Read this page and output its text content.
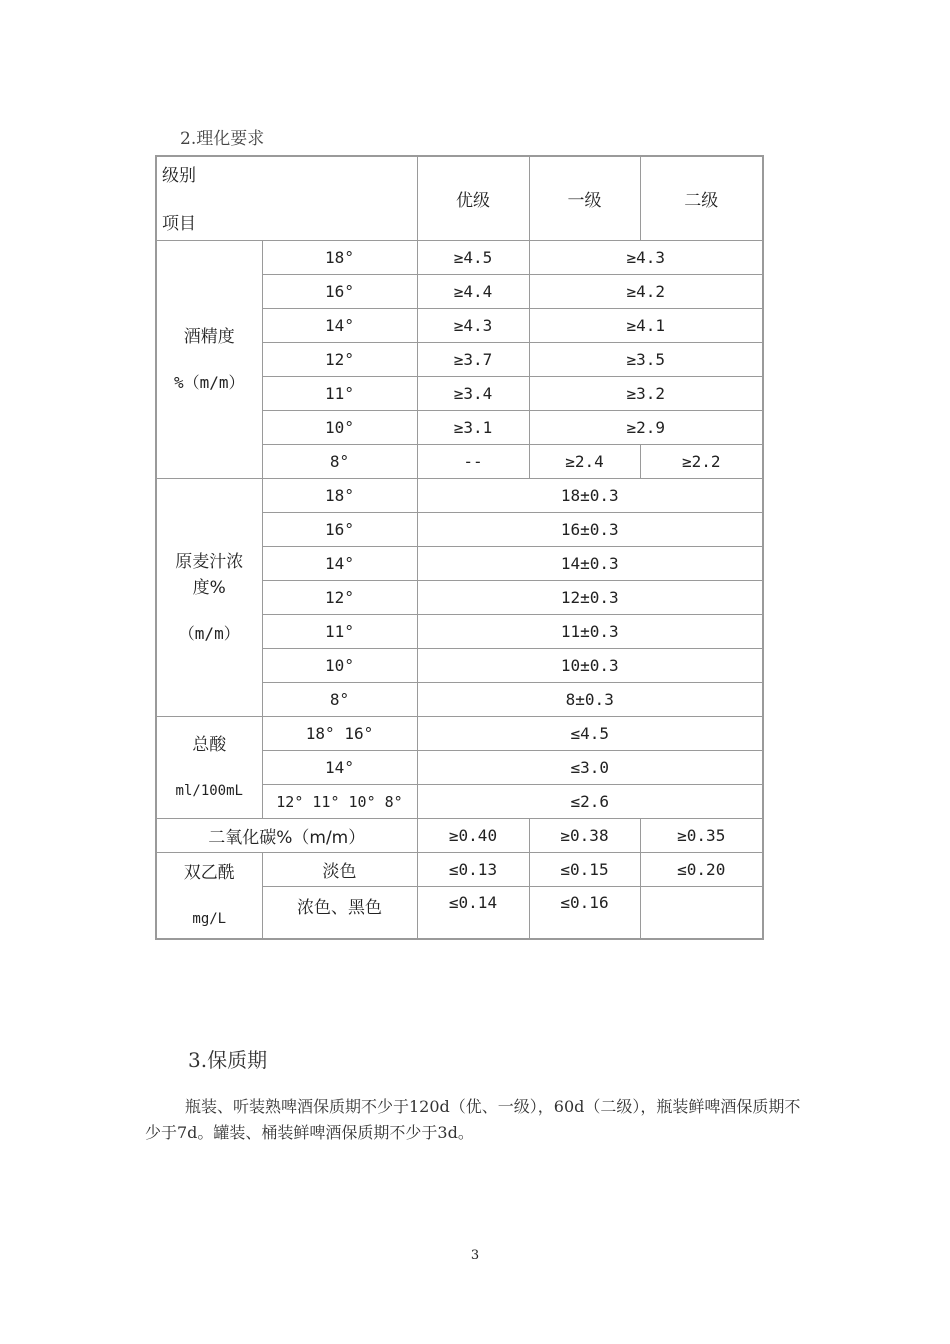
2.理化要求
级别
项目		优级	一级	二级

酒精度
%（m/m）	18°	≥4.5	≥4.3	
	16°	≥4.4	≥4.2	
	14°	≥4.3	≥4.1	
	12°	≥3.7	≥3.5	
	11°	≥3.4	≥3.2	
	10°	≥3.1	≥2.9	
	8°	--	≥2.4	≥2.2

原麦汁浓
度%
（m/m）	18°	18±0.3		
	16°	16±0.3		
	14°	14±0.3		
	12°	12±0.3		
	11°	11±0.3		
	10°	10±0.3		
	8°	8±0.3		

总酸
ml/100mL	18° 16°	≤4.5		
	14°	≤3.0		
	12° 11° 10° 8°	≤2.6		
二氧化碳%（m/m）		≥0.40	≥0.38	≥0.35

双乙酰
mg/L	淡色	≤0.13	≤0.15	≤0.20
	浓色、黑色	≤0.14	≤0.16	
3.保质期
瓶装、听装熟啤酒保质期不少于120d（优、一级），60d（二级），瓶装鲜啤酒保质期不少于7d。罐装、桶装鲜啤酒保质期不少于3d。
3
